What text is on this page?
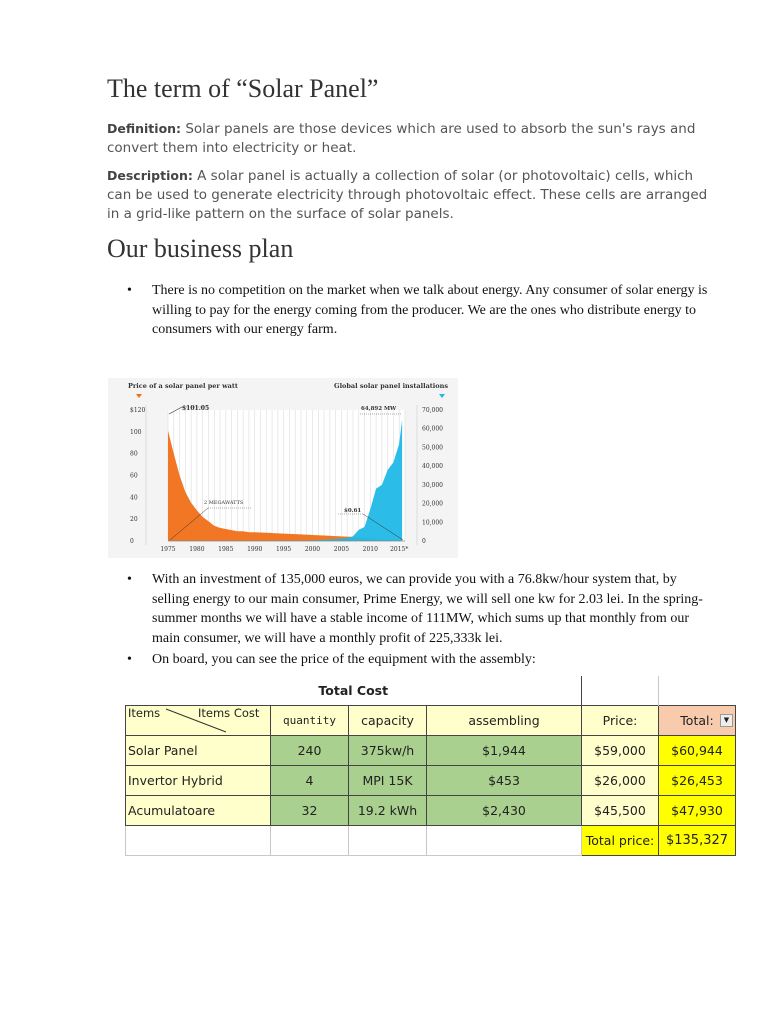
The term of “Solar Panel”

Definition: Solar panels are those devices which are used to absorb the sun's rays and convert them into electricity or heat.

Description: A solar panel is actually a collection of solar (or photovoltaic) cells, which can be used to generate electricity through photovoltaic effect. These cells are arranged in a grid-like pattern on the surface of solar panels.

Our business plan
• There is no competition on the market when we talk about energy. Any consumer of solar energy is willing to pay for the energy coming from the producer. We are the ones who distribute energy to consumers with our energy farm.
Price of a solar panel per watt	Global solar panel installations
$120
100
80
60
40
20
0
70,000
60,000
50,000
40,000
30,000
20,000
10,000
0
1975 1980 1985 1990 1995 2000 2005 2010 2015*
$101.05
2 MEGAWATTS
$0.61
64,892 MW
• With an investment of 135,000 euros, we can provide you with a 76.8kw/hour system that, by selling energy to our main consumer, Prime Energy, we will sell one kw for 2.03 lei. In the spring-summer months we will have a stable income of 111MW, which sums up that monthly from our main consumer, we will have a monthly profit of 225,333k lei.
• On board, you can see the price of the equipment with the assembly:
Total Cost					

Items Items Cost	quantity	capacity	assembling	Price:	Total: ▼

Solar Panel	240	375kw/h	$1,944	$59,000	$60,944
Invertor Hybrid	4	MPI 15K	$453	$26,000	$26,453
Acumulatoare	32	19.2 kWh	$2,430	$45,500	$47,930
				Total price:	$135,327
